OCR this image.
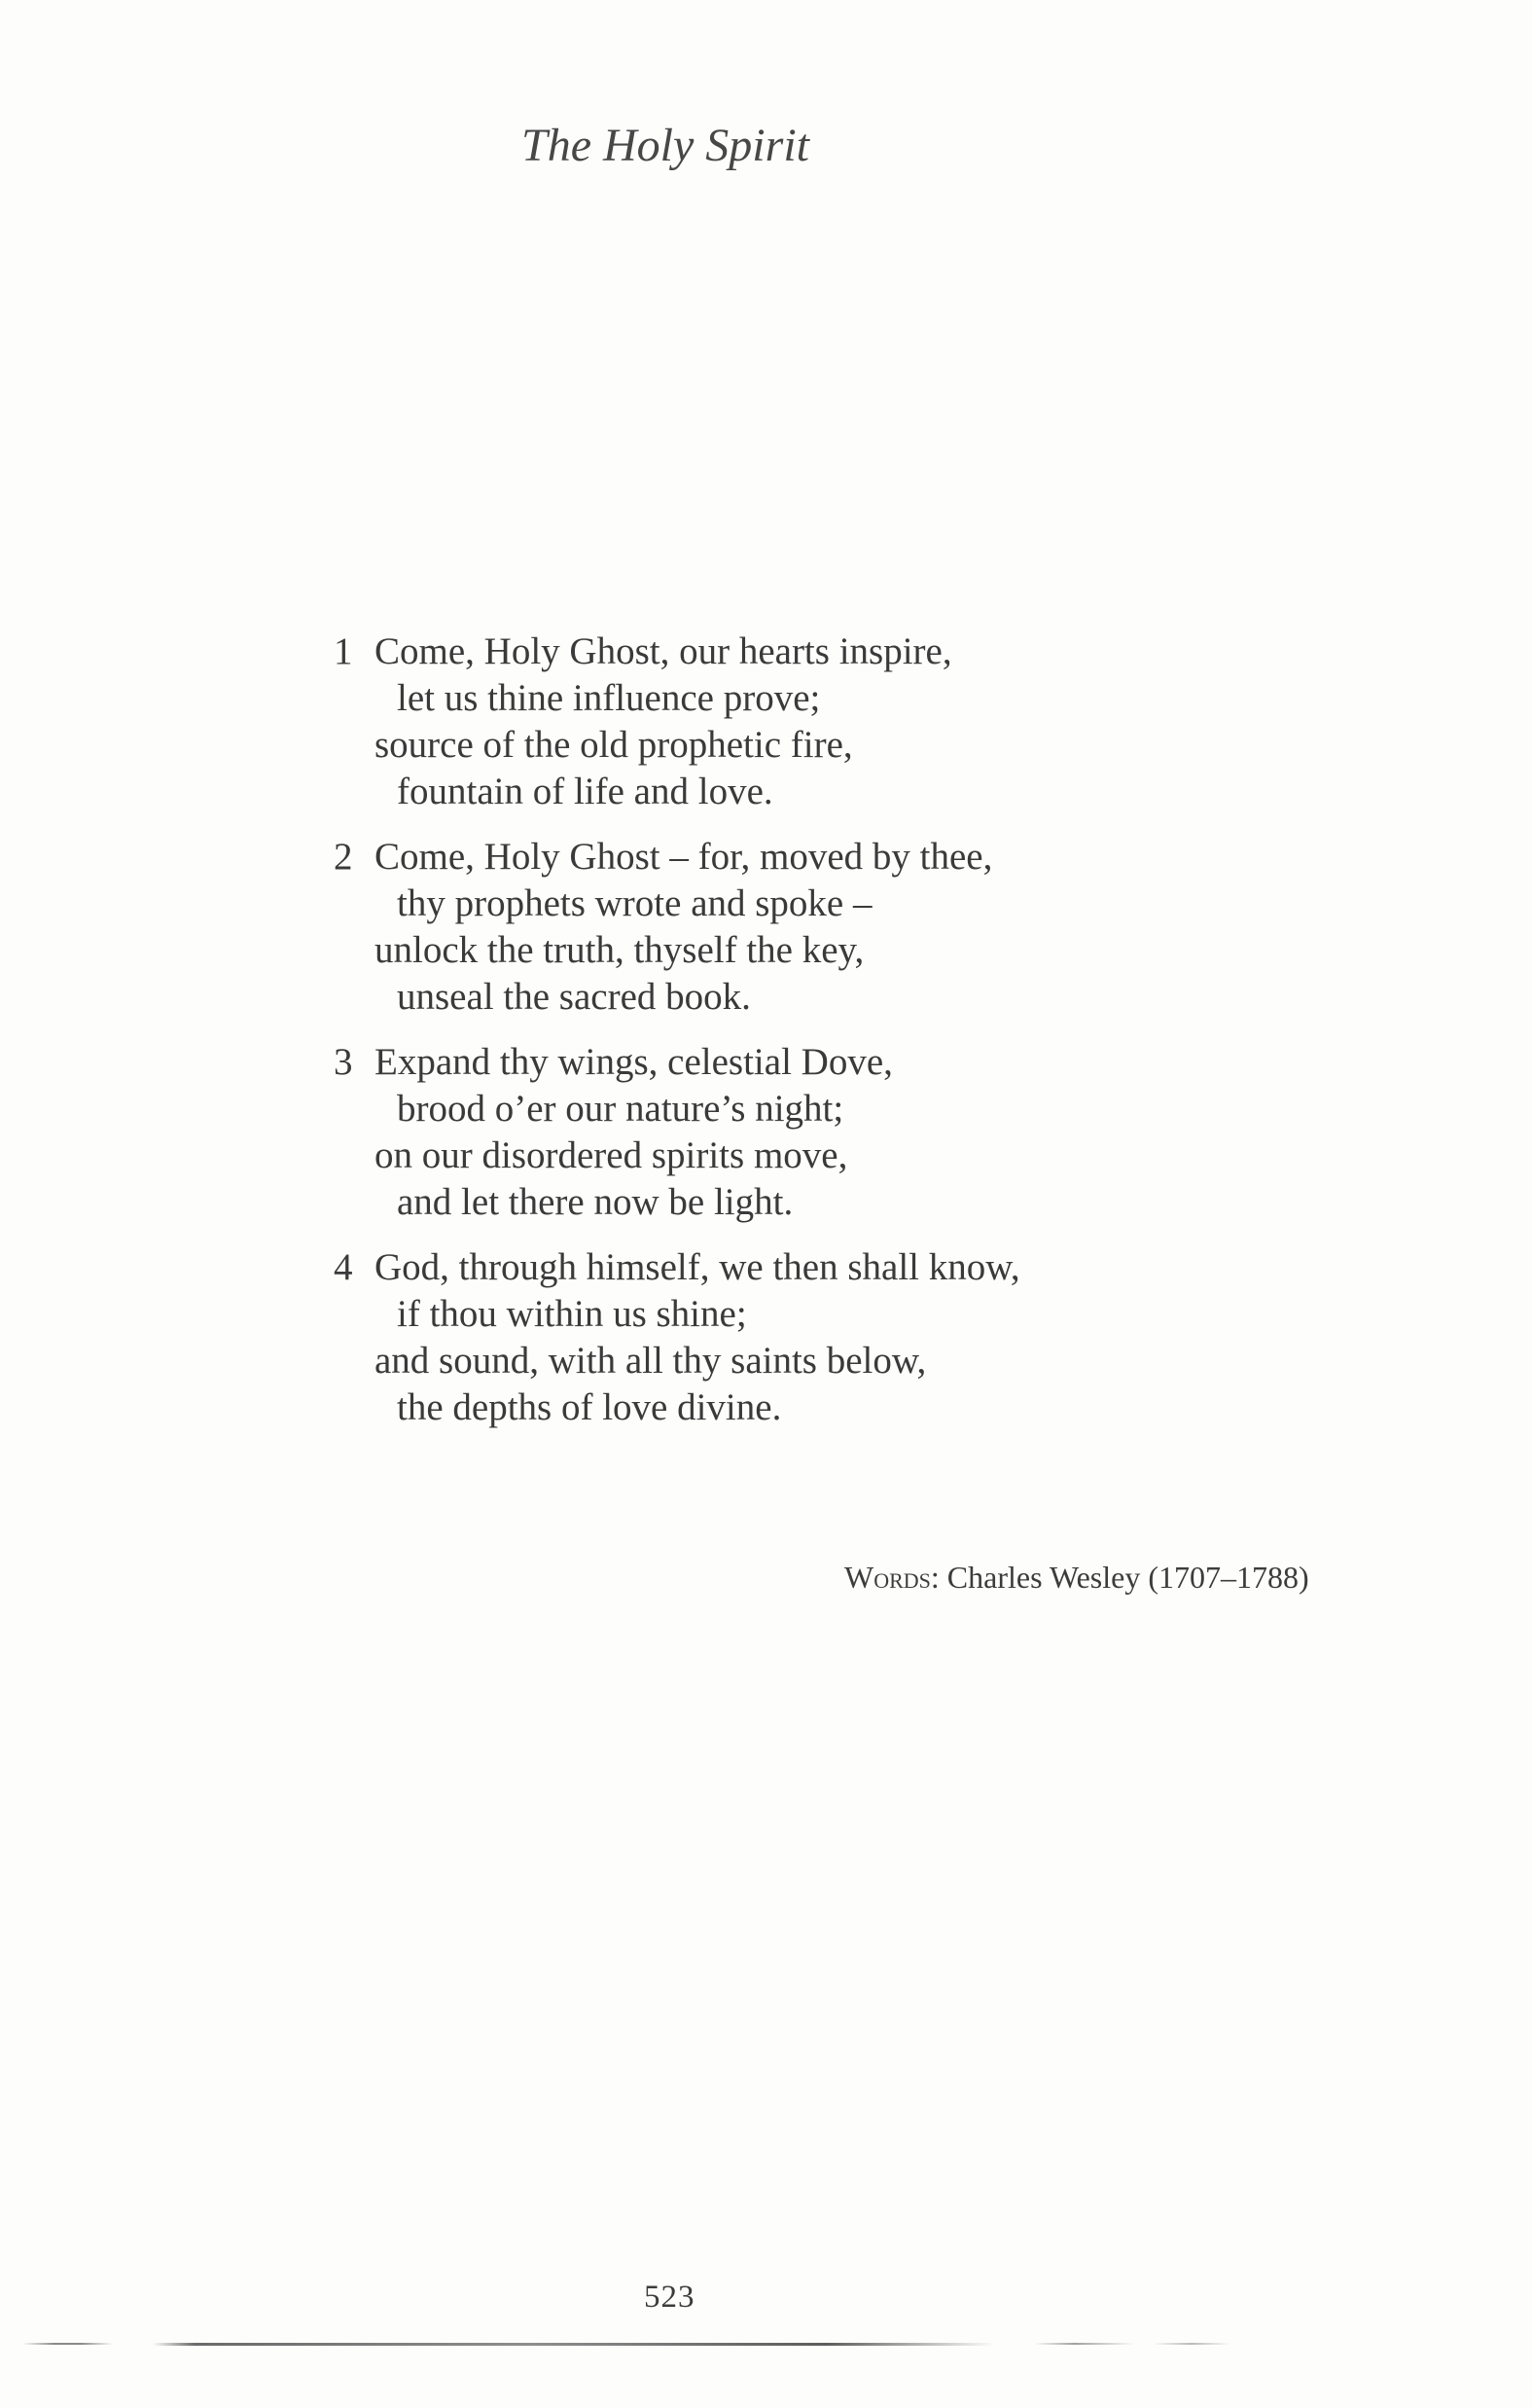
The Holy Spirit
1 Come, Holy Ghost, our hearts inspire,

let us thine influence prove;

source of the old prophetic fire,

fountain of life and love.

2 Come, Holy Ghost – for, moved by thee,

thy prophets wrote and spoke –

unlock the truth, thyself the key,

unseal the sacred book.

3 Expand thy wings, celestial Dove,

brood o’er our nature’s night;

on our disordered spirits move,

and let there now be light.

4 God, through himself, we then shall know,

if thou within us shine;

and sound, with all thy saints below,

the depths of love divine.

Words: Charles Wesley (1707–1788)
523
